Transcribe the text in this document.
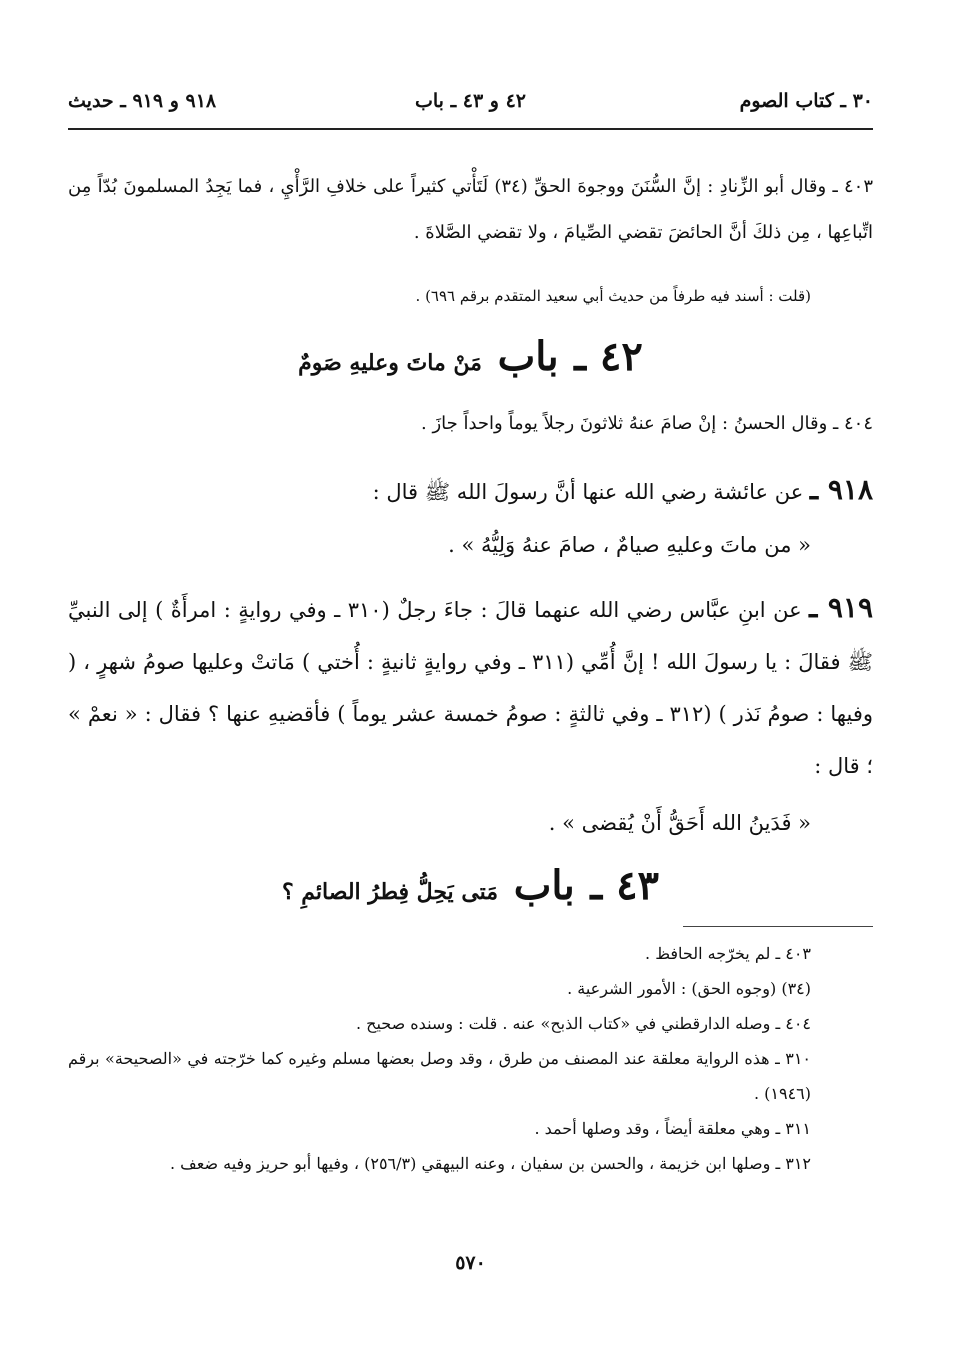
٣٠ ـ كتاب الصوم
٤٢ و ٤٣ ـ باب
٩١٨ و ٩١٩ ـ حديث
٤٠٣ ـ وقال أبو الزِّنادِ : إنَّ السُّنَنَ ووجوهَ الحقِّ (٣٤) لَتَأْتي كثيراً على خلافِ الرَّأْيِ ، فما يَجِدُ المسلمونَ بُدّاً مِن اتِّباعِها ، مِن ذلكَ أنَّ الحائضَ تقضي الصِّيامَ ، ولا تقضي الصَّلاةَ .
(قلت : أسند فيه طرفاً من حديث أبي سعيد المتقدم برقم ٦٩٦) .
٤٢ ـ باب مَنْ ماتَ وعليهِ صَومٌ
٤٠٤ ـ وقال الحسنُ : إنْ صامَ عنهُ ثلاثونَ رجلاً يوماً واحداً جازَ .
٩١٨ ـ عن عائشة رضي الله عنها أنَّ رسولَ الله ﷺ قال :
« من ماتَ وعليهِ صيامٌ ، صامَ عنهُ وَلِيُّهُ » .
٩١٩ ـ عن ابنِ عبَّاس رضي الله عنهما قالَ : جاءَ رجلٌ (٣١٠ ـ وفي روايةٍ : امرأَةٌ ) إلى النبيِّ ﷺ فقالَ : يا رسولَ الله ! إنَّ أُمِّي (٣١١ ـ وفي روايةٍ ثانيةٍ : أُختي ) مَاتتْ وعليها صومُ شهرٍ ، ( وفيها : صومُ نَذر ) (٣١٢ ـ وفي ثالثةٍ : صومُ خمسة عشر يوماً ) فأقضيهِ عنها ؟ فقال : « نعمْ » ؛ قال :
« فَدَينُ الله أَحَقُّ أَنْ يُقضى » .
٤٣ ـ باب مَتى يَحِلُّ فِطرُ الصائمِ ؟

٤٠٣ ـ لم يخرّجه الحافظ .

(٣٤) (وجوه الحق) : الأمور الشرعية .

٤٠٤ ـ وصله الدارقطني في «كتاب الذبح» عنه . قلت : وسنده صحيح .

٣١٠ ـ هذه الرواية معلقة عند المصنف من طرق ، وقد وصل بعضها مسلم وغيره كما خرّجته في «الصحيحة» برقم (١٩٤٦) .

٣١١ ـ وهي معلقة أيضاً ، وقد وصلها أحمد .

٣١٢ ـ وصلها ابن خزيمة ، والحسن بن سفيان ، وعنه البيهقي (٢٥٦/٣) ، وفيها أبو حريز وفيه ضعف .

٥٧٠
